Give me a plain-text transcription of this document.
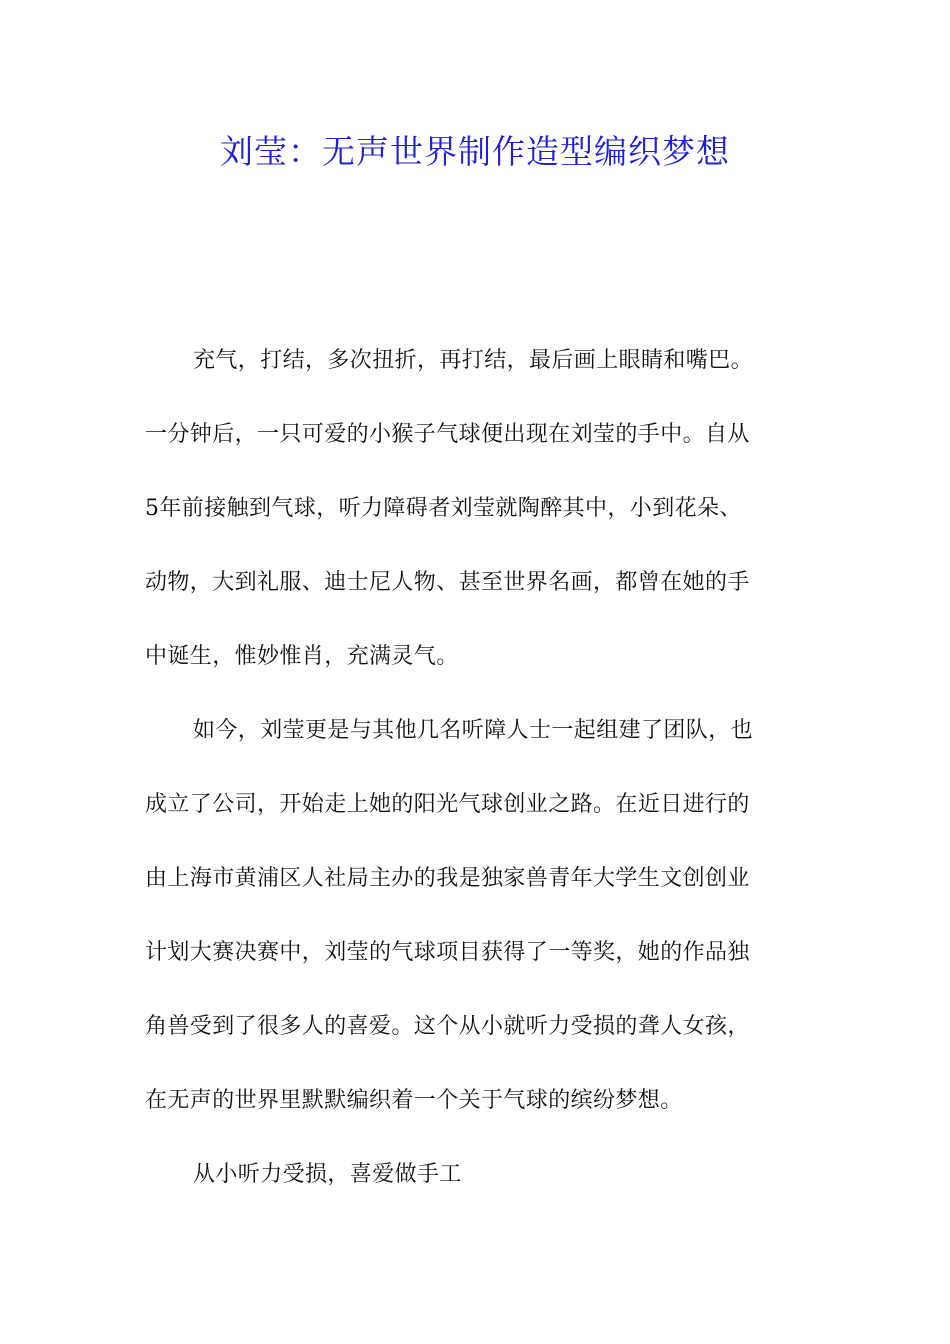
刘莹：无声世界制作造型编织梦想
充气，打结，多次扭折，再打结，最后画上眼睛和嘴巴。
一分钟后，一只可爱的小猴子气球便出现在刘莹的手中。自从
5年前接触到气球，听力障碍者刘莹就陶醉其中，小到花朵、
动物，大到礼服、迪士尼人物、甚至世界名画，都曾在她的手
中诞生，惟妙惟肖，充满灵气。
如今，刘莹更是与其他几名听障人士一起组建了团队，也
成立了公司，开始走上她的阳光气球创业之路。在近日进行的
由上海市黄浦区人社局主办的我是独家兽青年大学生文创创业
计划大赛决赛中，刘莹的气球项目获得了一等奖，她的作品独
角兽受到了很多人的喜爱。这个从小就听力受损的聋人女孩，
在无声的世界里默默编织着一个关于气球的缤纷梦想。
从小听力受损，喜爱做手工
